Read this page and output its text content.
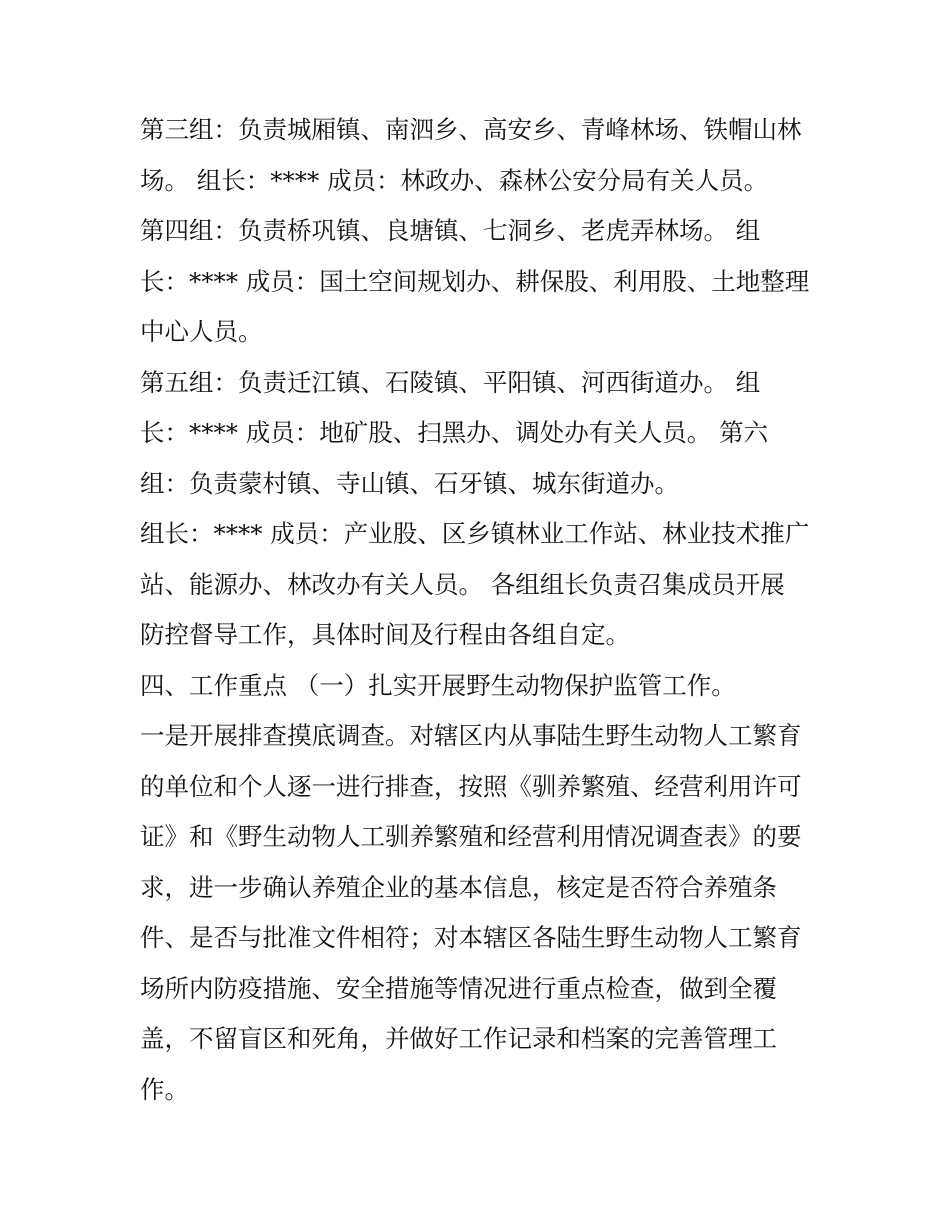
第三组：负责城厢镇、南泗乡、高安乡、青峰林场、铁帽山林
场。 组长：**** 成员：林政办、森林公安分局有关人员。
第四组：负责桥巩镇、良塘镇、七洞乡、老虎弄林场。 组
长：**** 成员：国土空间规划办、耕保股、利用股、土地整理
中心人员。
第五组：负责迁江镇、石陵镇、平阳镇、河西街道办。 组
长：**** 成员：地矿股、扫黑办、调处办有关人员。 第六
组：负责蒙村镇、寺山镇、石牙镇、城东街道办。
组长：**** 成员：产业股、区乡镇林业工作站、林业技术推广
站、能源办、林改办有关人员。 各组组长负责召集成员开展
防控督导工作，具体时间及行程由各组自定。
四、工作重点 （一）扎实开展野生动物保护监管工作。
一是开展排查摸底调查。对辖区内从事陆生野生动物人工繁育
的单位和个人逐一进行排查，按照《驯养繁殖、经营利用许可
证》和《野生动物人工驯养繁殖和经营利用情况调查表》的要
求，进一步确认养殖企业的基本信息，核定是否符合养殖条
件、是否与批准文件相符；对本辖区各陆生野生动物人工繁育
场所内防疫措施、安全措施等情况进行重点检查，做到全覆
盖，不留盲区和死角，并做好工作记录和档案的完善管理工
作。
